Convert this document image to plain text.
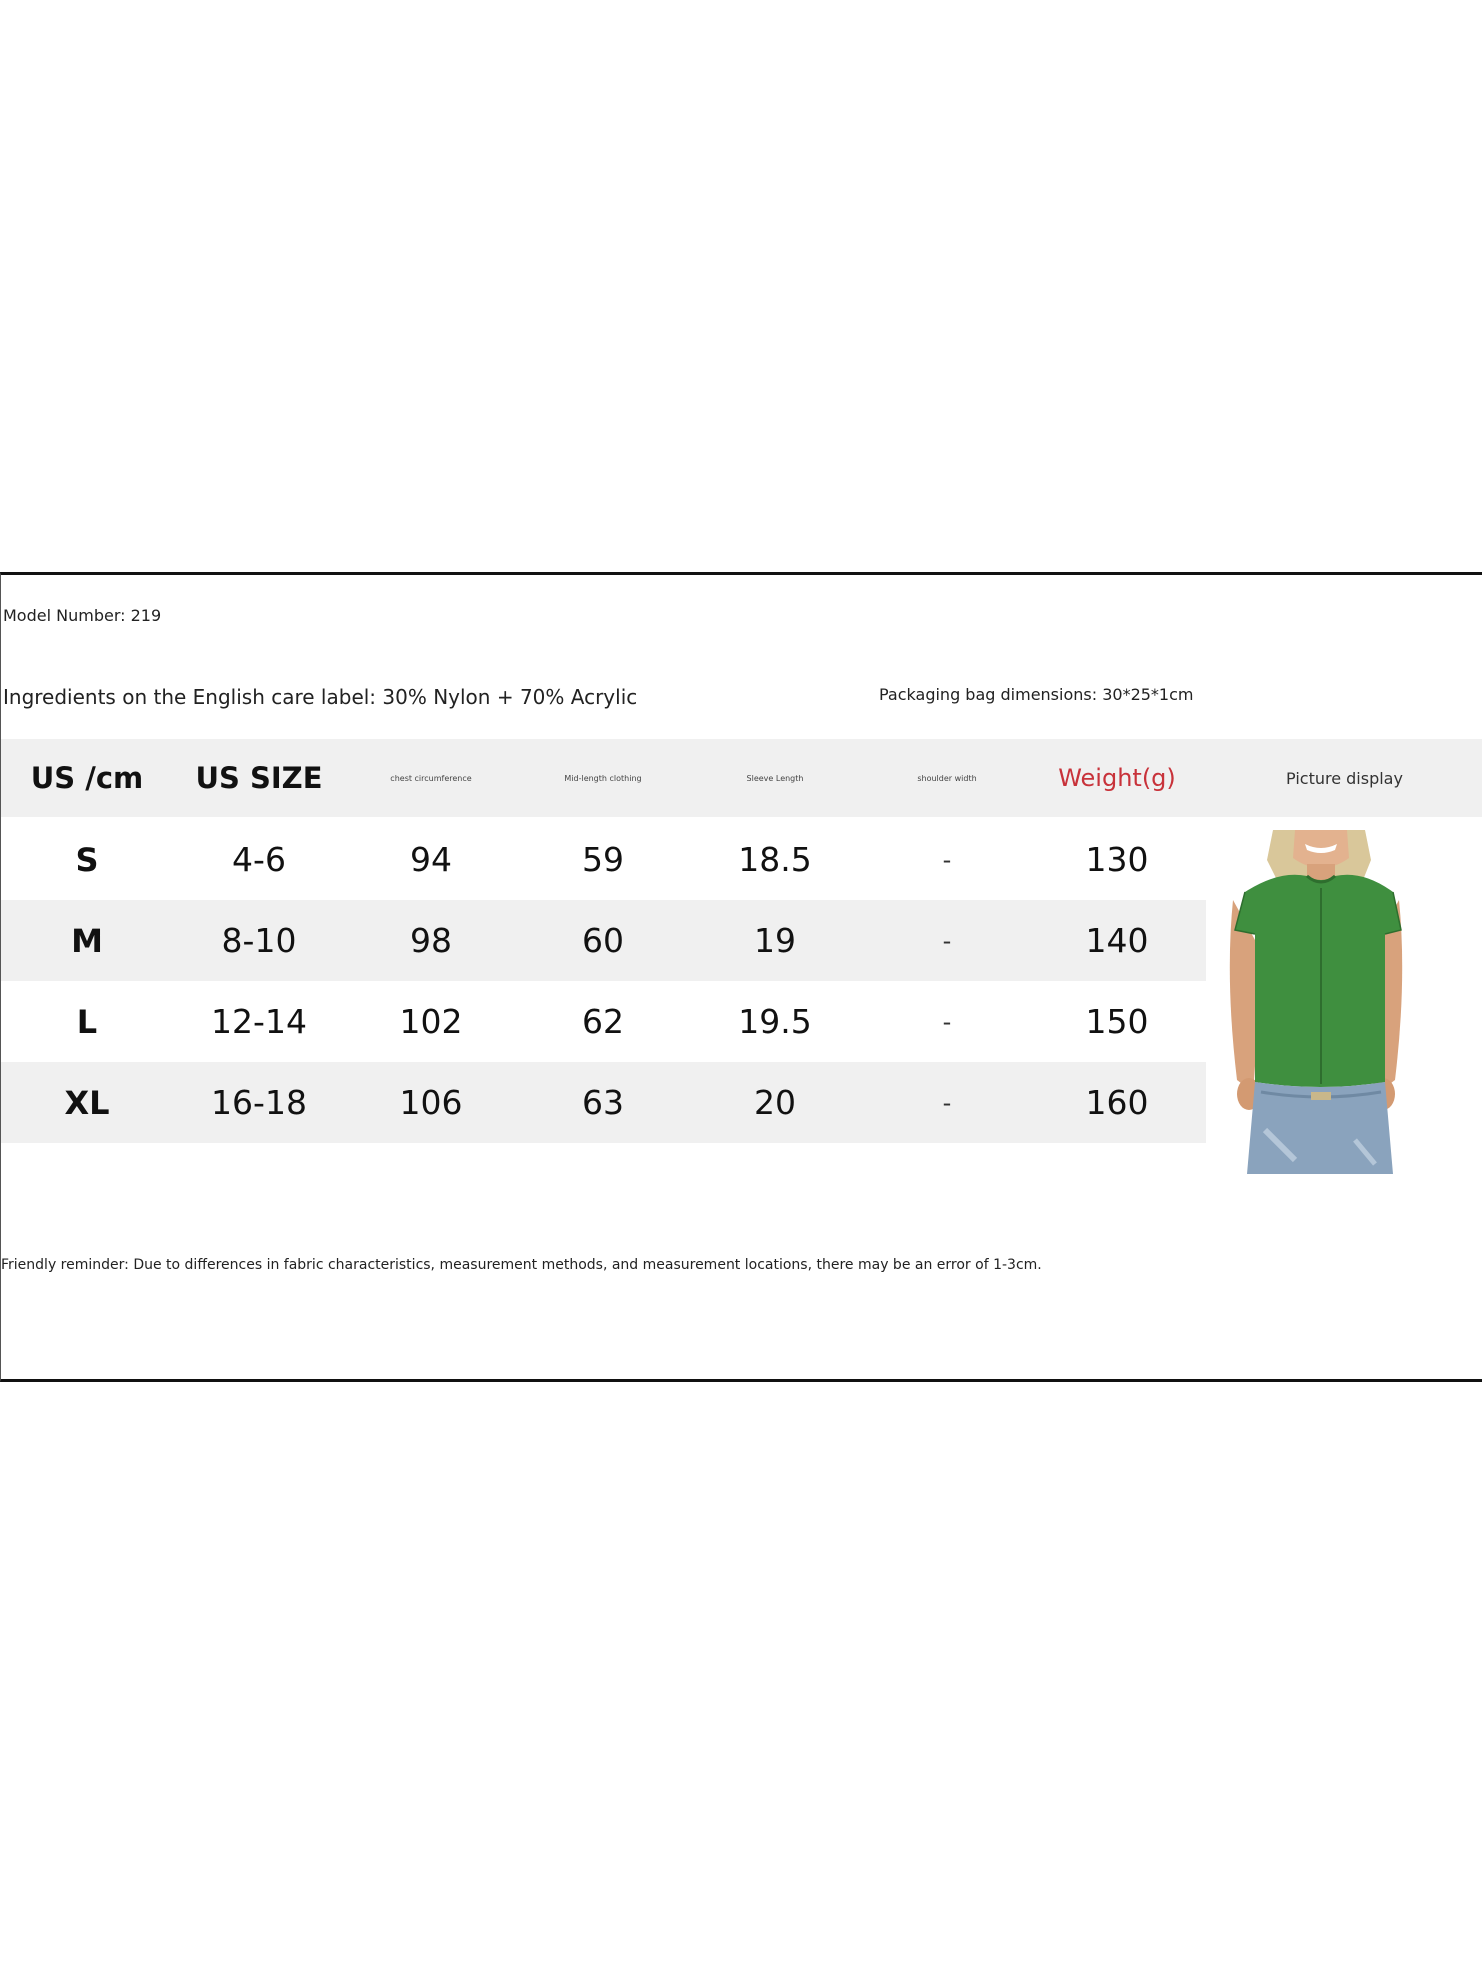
Model Number: 219
Ingredients on the English care label: 30% Nylon + 70% Acrylic	Packaging bag dimensions: 30*25*1cm
US /cm	US SIZE	chest circumference	Mid-length clothing	Sleeve Length	shoulder width	Weight(g)	Picture display
S	4-6	94	59	18.5	-	130
M	8-10	98	60	19	-	140
L	12-14	102	62	19.5	-	150
XL	16-18	106	63	20	-	160
Friendly reminder: Due to differences in fabric characteristics, measurement methods, and measurement locations, there may be an error of 1-3cm.
